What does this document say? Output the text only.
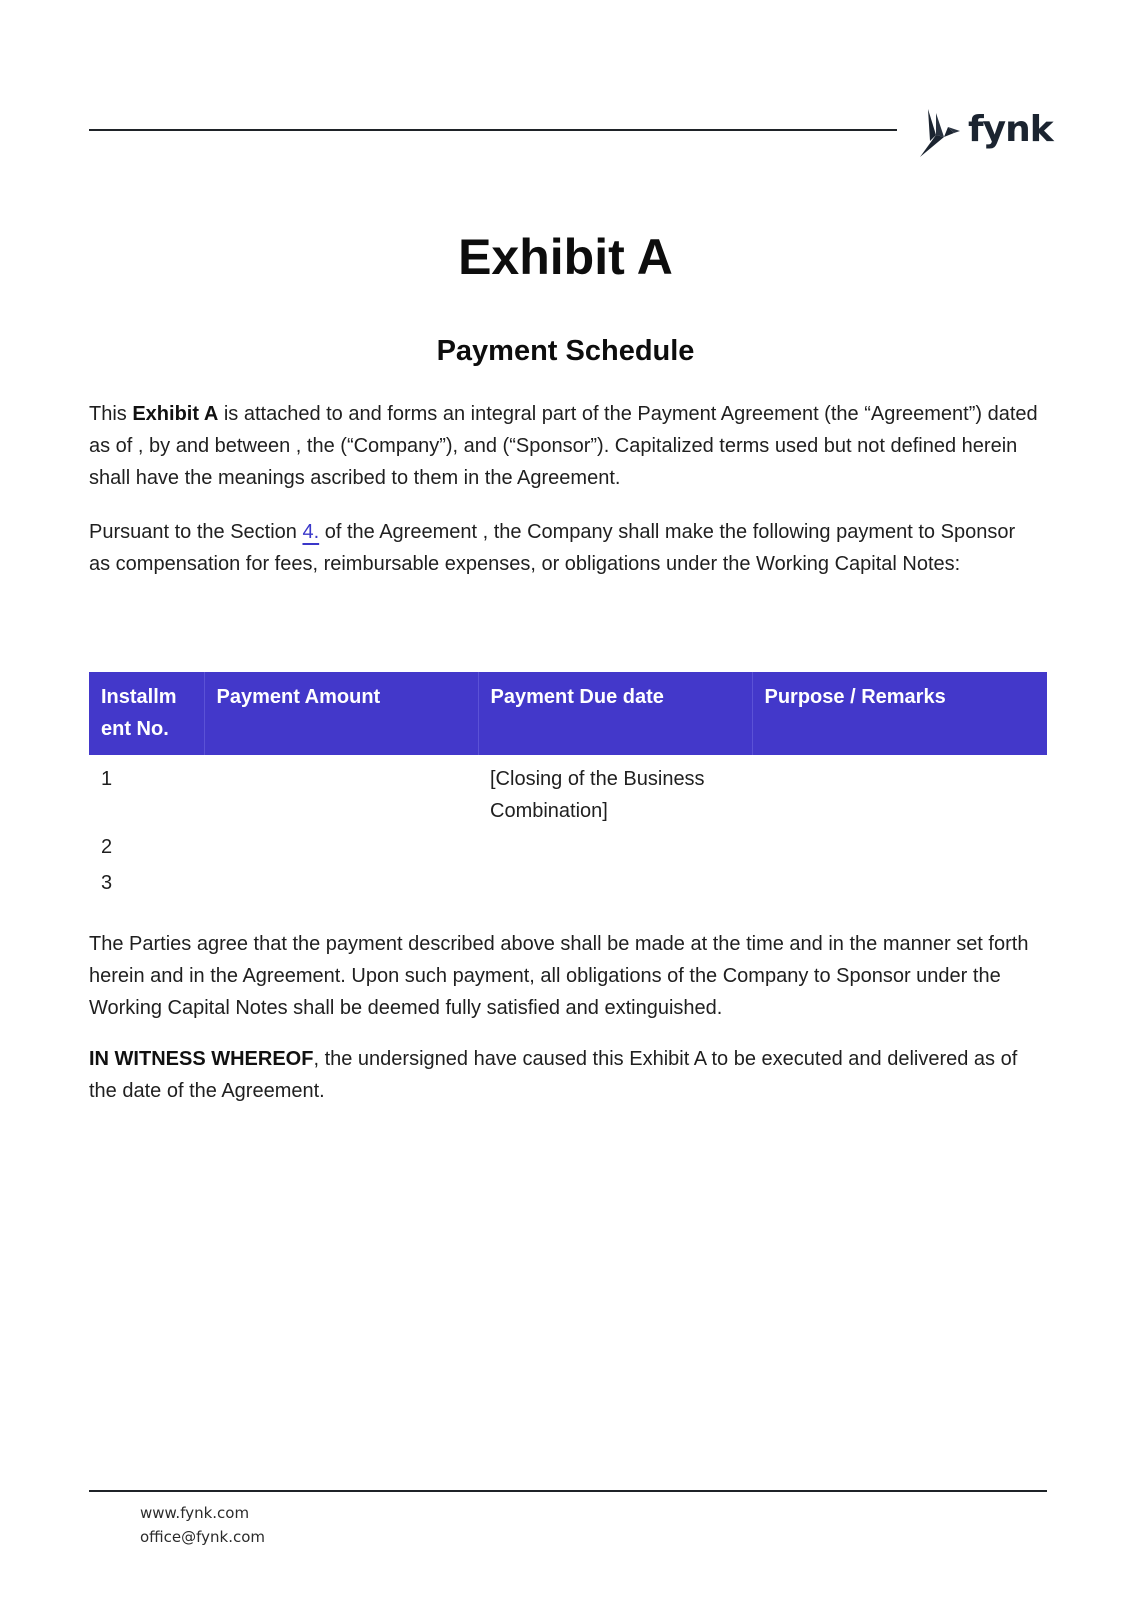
fynk
Exhibit A
Payment Schedule

This Exhibit A is attached to and forms an integral part of the Payment Agreement (the “Agreement”) dated as of , by and between , the (“Company”), and (“Sponsor”). Capitalized terms used but not defined herein shall have the meanings ascribed to them in the Agreement.

Pursuant to the Section 4. of the Agreement , the Company shall make the following payment to Sponsor as compensation for fees, reimbursable expenses, or obligations under the Working Capital Notes:

Installm ent No.	Payment Amount	Payment Due date	Purpose / Remarks
1		[Closing of the Business Combination]	
2			
3			

The Parties agree that the payment described above shall be made at the time and in the manner set forth herein and in the Agreement. Upon such payment, all obligations of the Company to Sponsor under the Working Capital Notes shall be deemed fully satisfied and extinguished.

IN WITNESS WHEREOF, the undersigned have caused this Exhibit A to be executed and delivered as of the date of the Agreement.

www.fynk.com
office@fynk.com
